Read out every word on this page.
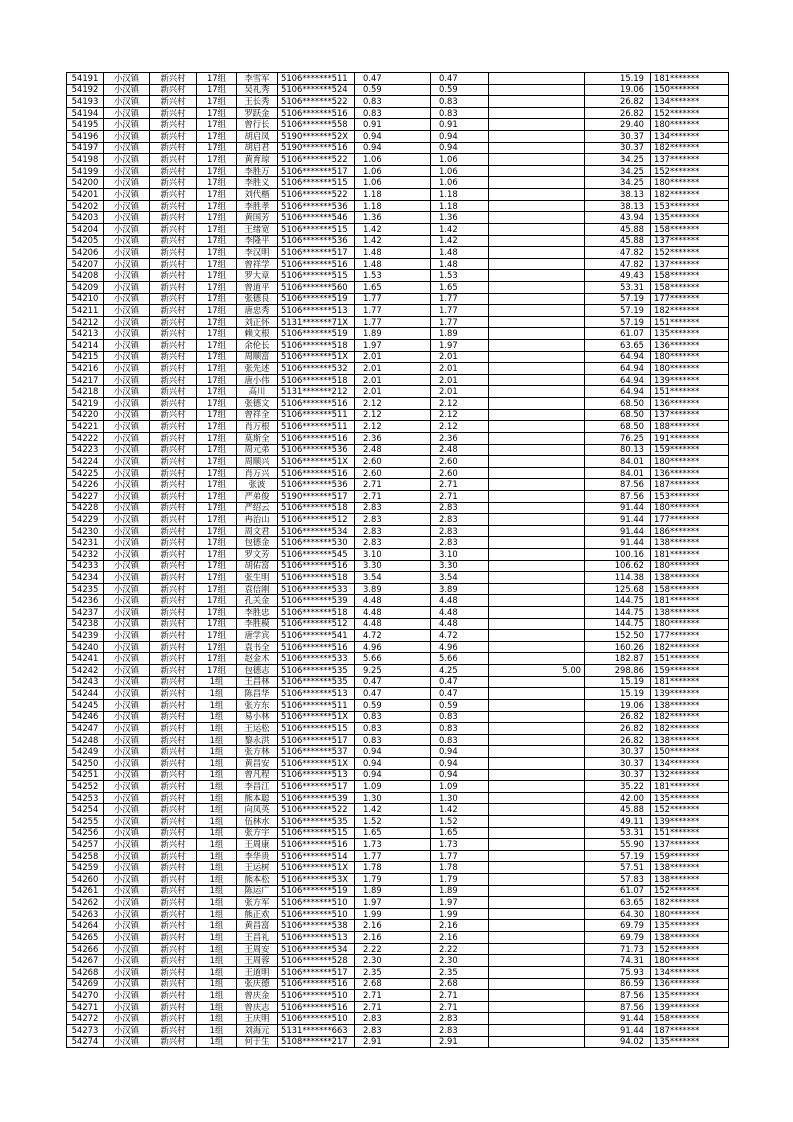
54191	小汉镇	新兴村	17组	李雪军	5106*******511	0.47	0.47		15.19	181*******
54192	小汉镇	新兴村	17组	吴礼秀	5106*******524	0.59	0.59		19.06	150*******
54193	小汉镇	新兴村	17组	王长秀	5106*******522	0.83	0.83		26.82	134*******
54194	小汉镇	新兴村	17组	罗跃金	5106*******516	0.83	0.83		26.82	152*******
54195	小汉镇	新兴村	17组	曾行长	5106*******558	0.91	0.91		29.40	180*******
54196	小汉镇	新兴村	17组	胡启凤	5190*******52X	0.94	0.94		30.37	134*******
54197	小汉镇	新兴村	17组	胡启君	5190*******516	0.94	0.94		30.37	182*******
54198	小汉镇	新兴村	17组	黄育琼	5106*******522	1.06	1.06		34.25	137*******
54199	小汉镇	新兴村	17组	李胜万	5106*******517	1.06	1.06		34.25	152*******
54200	小汉镇	新兴村	17组	李胜义	5106*******515	1.06	1.06		34.25	180*******
54201	小汉镇	新兴村	17组	刘代楷	5106*******522	1.18	1.18		38.13	182*******
54202	小汉镇	新兴村	17组	李胜孝	5106*******536	1.18	1.18		38.13	153*******
54203	小汉镇	新兴村	17组	黄国芳	5106*******546	1.36	1.36		43.94	135*******
54204	小汉镇	新兴村	17组	王绪宽	5106*******515	1.42	1.42		45.88	158*******
54205	小汉镇	新兴村	17组	李隆平	5106*******536	1.42	1.42		45.88	137*******
54206	小汉镇	新兴村	17组	李汉明	5106*******517	1.48	1.48		47.82	152*******
54207	小汉镇	新兴村	17组	曾祥学	5106*******516	1.48	1.48		47.82	137*******
54208	小汉镇	新兴村	17组	罗大章	5106*******515	1.53	1.53		49.43	158*******
54209	小汉镇	新兴村	17组	曾道平	5106*******560	1.65	1.65		53.31	158*******
54210	小汉镇	新兴村	17组	张德良	5106*******519	1.77	1.77		57.19	177*******
54211	小汉镇	新兴村	17组	唐忠秀	5106*******513	1.77	1.77		57.19	182*******
54212	小汉镇	新兴村	17组	刘正怀	5131*******71X	1.77	1.77		57.19	151*******
54213	小汉镇	新兴村	17组	赖文根	5106*******519	1.89	1.89		61.07	135*******
54214	小汉镇	新兴村	17组	余伦长	5106*******518	1.97	1.97		63.65	136*******
54215	小汉镇	新兴村	17组	周顺富	5106*******51X	2.01	2.01		64.94	180*******
54216	小汉镇	新兴村	17组	张先述	5106*******532	2.01	2.01		64.94	180*******
54217	小汉镇	新兴村	17组	唐小伟	5106*******518	2.01	2.01		64.94	139*******
54218	小汉镇	新兴村	17组	高川	5131*******212	2.01	2.01		64.94	151*******
54219	小汉镇	新兴村	17组	张德文	5106*******516	2.12	2.12		68.50	136*******
54220	小汉镇	新兴村	17组	曾祥全	5106*******511	2.12	2.12		68.50	137*******
54221	小汉镇	新兴村	17组	肖万根	5106*******511	2.12	2.12		68.50	188*******
54222	小汉镇	新兴村	17组	莫斯全	5106*******516	2.36	2.36		76.25	191*******
54223	小汉镇	新兴村	17组	周元弟	5106*******536	2.48	2.48		80.13	159*******
54224	小汉镇	新兴村	17组	周顺兴	5106*******51X	2.60	2.60		84.01	180*******
54225	小汉镇	新兴村	17组	肖万兴	5106*******516	2.60	2.60		84.01	136*******
54226	小汉镇	新兴村	17组	张波	5106*******536	2.71	2.71		87.56	187*******
54227	小汉镇	新兴村	17组	严弟俊	5190*******517	2.71	2.71		87.56	153*******
54228	小汉镇	新兴村	17组	严绍云	5106*******518	2.83	2.83		91.44	180*******
54229	小汉镇	新兴村	17组	冉治山	5106*******512	2.83	2.83		91.44	177*******
54230	小汉镇	新兴村	17组	周文君	5106*******534	2.83	2.83		91.44	186*******
54231	小汉镇	新兴村	17组	包德金	5106*******530	2.83	2.83		91.44	138*******
54232	小汉镇	新兴村	17组	罗文芳	5106*******545	3.10	3.10		100.16	181*******
54233	小汉镇	新兴村	17组	胡佑富	5106*******516	3.30	3.30		106.62	180*******
54234	小汉镇	新兴村	17组	张生明	5106*******518	3.54	3.54		114.38	138*******
54235	小汉镇	新兴村	17组	袁信刚	5106*******533	3.89	3.89		125.68	158*******
54236	小汉镇	新兴村	17组	孔关金	5106*******539	4.48	4.48		144.75	181*******
54237	小汉镇	新兴村	17组	李胜忠	5106*******518	4.48	4.48		144.75	138*******
54238	小汉镇	新兴村	17组	李胜模	5106*******512	4.48	4.48		144.75	180*******
54239	小汉镇	新兴村	17组	唐学宾	5106*******541	4.72	4.72		152.50	177*******
54240	小汉镇	新兴村	17组	袁书全	5106*******516	4.96	4.96		160.26	182*******
54241	小汉镇	新兴村	17组	赵金木	5106*******533	5.66	5.66		182.87	151*******
54242	小汉镇	新兴村	17组	包德志	5106*******535	9.25	4.25	5.00	298.86	159*******
54243	小汉镇	新兴村	1组	王昌林	5106*******535	0.47	0.47		15.19	181*******
54244	小汉镇	新兴村	1组	陈昌华	5106*******513	0.47	0.47		15.19	139*******
54245	小汉镇	新兴村	1组	张方东	5106*******511	0.59	0.59		19.06	138*******
54246	小汉镇	新兴村	1组	易小林	5106*******51X	0.83	0.83		26.82	182*******
54247	小汉镇	新兴村	1组	王运松	5106*******515	0.83	0.83		26.82	182*******
54248	小汉镇	新兴村	1组	黎永洪	5106*******517	0.83	0.83		26.82	138*******
54249	小汉镇	新兴村	1组	张方林	5106*******537	0.94	0.94		30.37	150*******
54250	小汉镇	新兴村	1组	黄昌安	5106*******51X	0.94	0.94		30.37	134*******
54251	小汉镇	新兴村	1组	曾凡程	5106*******513	0.94	0.94		30.37	132*******
54252	小汉镇	新兴村	1组	李昌江	5106*******517	1.09	1.09		35.22	181*******
54253	小汉镇	新兴村	1组	熊本聪	5106*******539	1.30	1.30		42.00	135*******
54254	小汉镇	新兴村	1组	向凤英	5106*******522	1.42	1.42		45.88	152*******
54255	小汉镇	新兴村	1组	伍林水	5106*******535	1.52	1.52		49.11	139*******
54256	小汉镇	新兴村	1组	张方宇	5106*******515	1.65	1.65		53.31	151*******
54257	小汉镇	新兴村	1组	王周康	5106*******516	1.73	1.73		55.90	137*******
54258	小汉镇	新兴村	1组	李华贵	5106*******514	1.77	1.77		57.19	159*******
54259	小汉镇	新兴村	1组	王运树	5106*******51X	1.78	1.78		57.51	138*******
54260	小汉镇	新兴村	1组	熊本松	5106*******53X	1.79	1.79		57.83	138*******
54261	小汉镇	新兴村	1组	陈运广	5106*******519	1.89	1.89		61.07	152*******
54262	小汉镇	新兴村	1组	张方军	5106*******510	1.97	1.97		63.65	182*******
54263	小汉镇	新兴村	1组	熊正欢	5106*******510	1.99	1.99		64.30	180*******
54264	小汉镇	新兴村	1组	黄昌富	5106*******538	2.16	2.16		69.79	135*******
54265	小汉镇	新兴村	1组	王昌礼	5106*******513	2.16	2.16		69.79	138*******
54266	小汉镇	新兴村	1组	王周安	5106*******534	2.22	2.22		71.73	152*******
54267	小汉镇	新兴村	1组	王周蓉	5106*******528	2.30	2.30		74.31	180*******
54268	小汉镇	新兴村	1组	王道明	5106*******517	2.35	2.35		75.93	134*******
54269	小汉镇	新兴村	1组	张庆德	5106*******516	2.68	2.68		86.59	136*******
54270	小汉镇	新兴村	1组	曾庆金	5106*******510	2.71	2.71		87.56	135*******
54271	小汉镇	新兴村	1组	曾庆志	5106*******516	2.71	2.71		87.56	139*******
54272	小汉镇	新兴村	1组	王庆明	5106*******510	2.83	2.83		91.44	158*******
54273	小汉镇	新兴村	1组	刘海元	5131*******663	2.83	2.83		91.44	187*******
54274	小汉镇	新兴村	1组	何于生	5108*******217	2.91	2.91		94.02	135*******
